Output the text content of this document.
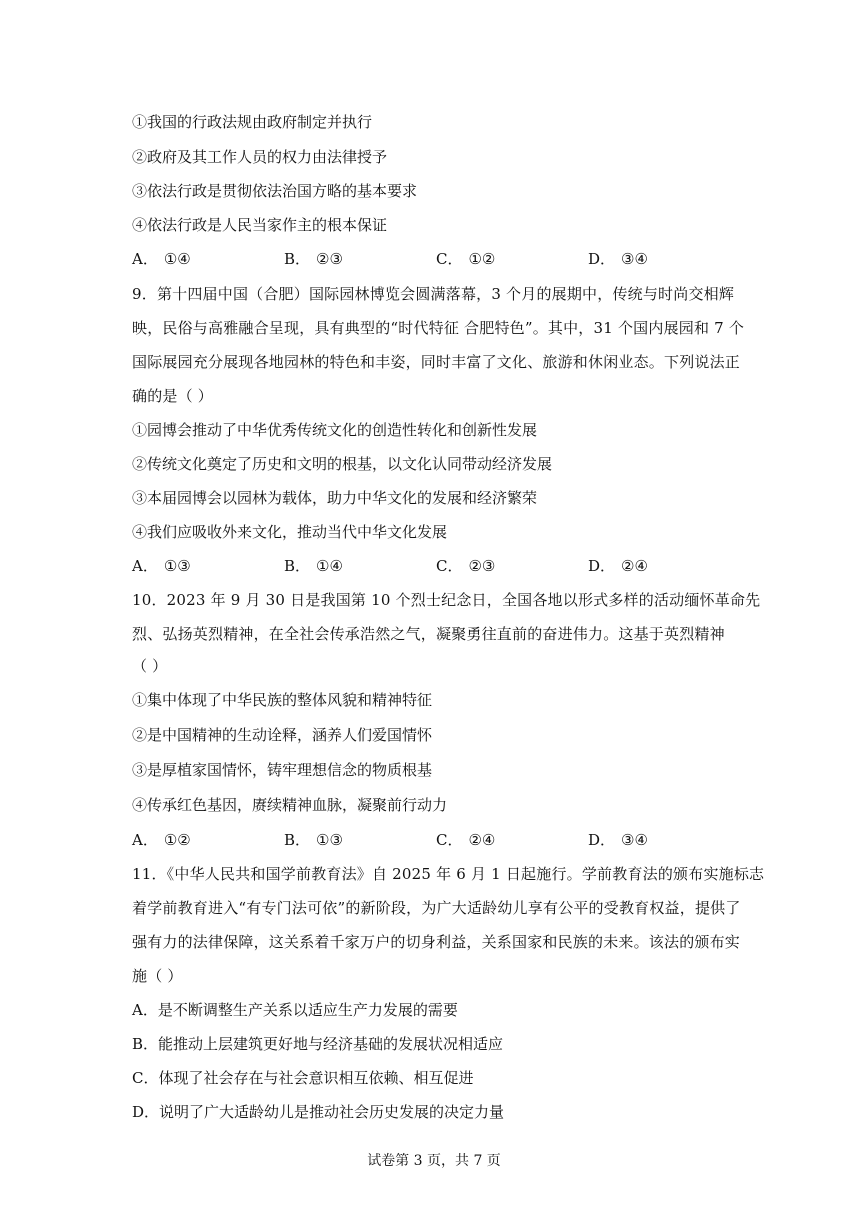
①我国的行政法规由政府制定并执行
②政府及其工作人员的权力由法律授予
③依法行政是贯彻依法治国方略的基本要求
④依法行政是人民当家作主的根本保证
A． ①④	B． ②③	C． ①②	D． ③④
9．第十四届中国（合肥）国际园林博览会圆满落幕，3 个月的展期中，传统与时尚交相辉
映，民俗与高雅融合呈现，具有典型的“时代特征 合肥特色”。其中，31 个国内展园和 7 个
国际展园充分展现各地园林的特色和丰姿，同时丰富了文化、旅游和休闲业态。下列说法正
确的是（ ）
①园博会推动了中华优秀传统文化的创造性转化和创新性发展
②传统文化奠定了历史和文明的根基，以文化认同带动经济发展
③本届园博会以园林为载体，助力中华文化的发展和经济繁荣
④我们应吸收外来文化，推动当代中华文化发展
A． ①③	B． ①④	C． ②③	D． ②④
10．2023 年 9 月 30 日是我国第 10 个烈士纪念日，全国各地以形式多样的活动缅怀革命先
烈、弘扬英烈精神，在全社会传承浩然之气，凝聚勇往直前的奋进伟力。这基于英烈精神
（ ）
①集中体现了中华民族的整体风貌和精神特征
②是中国精神的生动诠释，涵养人们爱国情怀
③是厚植家国情怀，铸牢理想信念的物质根基
④传承红色基因，赓续精神血脉，凝聚前行动力
A． ①②	B． ①③	C． ②④	D． ③④
11．《中华人民共和国学前教育法》自 2025 年 6 月 1 日起施行。学前教育法的颁布实施标志
着学前教育进入“有专门法可依”的新阶段，为广大适龄幼儿享有公平的受教育权益，提供了
强有力的法律保障，这关系着千家万户的切身利益，关系国家和民族的未来。该法的颁布实
施（ ）
A．是不断调整生产关系以适应生产力发展的需要
B．能推动上层建筑更好地与经济基础的发展状况相适应
C．体现了社会存在与社会意识相互依赖、相互促进
D．说明了广大适龄幼儿是推动社会历史发展的决定力量
试卷第 3 页，共 7 页
